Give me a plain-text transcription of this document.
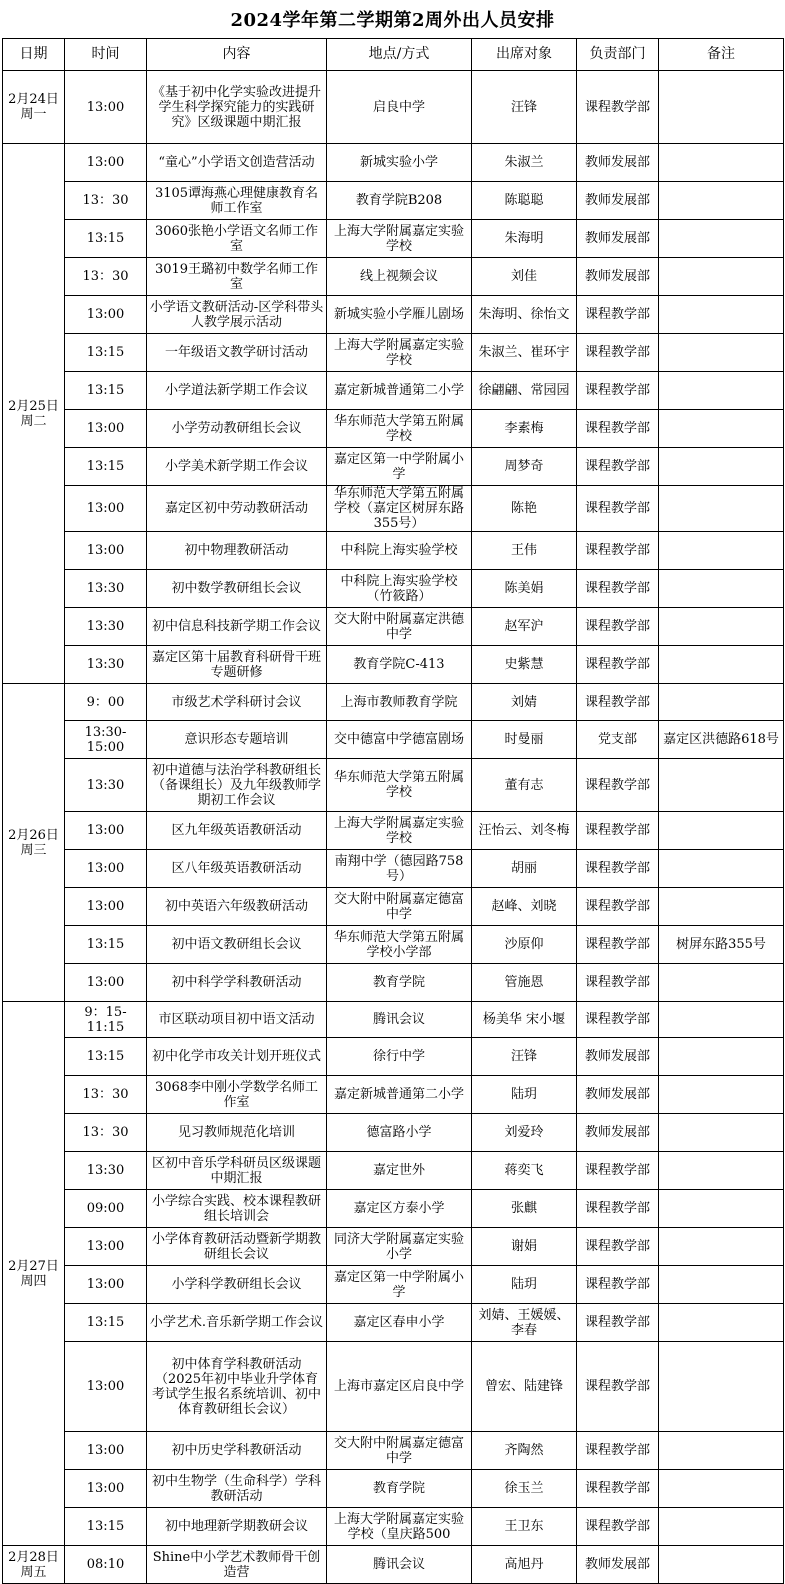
2024学年第二学期第2周外出人员安排
日期	时间	内容	地点/方式	出席对象	负责部门	备注

2月24日
周一	13:00	《基于初中化学实验改进提升学生科学探究能力的实践研究》区级课题中期汇报	启良中学	汪锋	课程教学部	

2月25日
周二	13:00	“童心”小学语文创造营活动	新城实验小学	朱淑兰	教师发展部	
	13：30	3105谭海燕心理健康教育名师工作室	教育学院B208	陈聪聪	教师发展部	
	13:15	3060张艳小学语文名师工作室	上海大学附属嘉定实验学校	朱海明	教师发展部	
	13：30	3019王璐初中数学名师工作室	线上视频会议	刘佳	教师发展部	
	13:00	小学语文教研活动-区学科带头人教学展示活动	新城实验小学雁儿剧场	朱海明、徐怡文	课程教学部	
	13:15	一年级语文教学研讨活动	上海大学附属嘉定实验学校	朱淑兰、崔环宇	课程教学部	
	13:15	小学道法新学期工作会议	嘉定新城普通第二小学	徐翩翩、常园园	课程教学部	
	13:00	小学劳动教研组长会议	华东师范大学第五附属学校	李素梅	课程教学部	
	13:15	小学美术新学期工作会议	嘉定区第一中学附属小学	周梦奇	课程教学部	
	13:00	嘉定区初中劳动教研活动	华东师范大学第五附属学校（嘉定区树屏东路355号）	陈艳	课程教学部	
	13:00	初中物理教研活动	中科院上海实验学校	王伟	课程教学部	
	13:30	初中数学教研组长会议	中科院上海实验学校（竹筱路）	陈美娟	课程教学部	
	13:30	初中信息科技新学期工作会议	交大附中附属嘉定洪德中学	赵军沪	课程教学部	
	13:30	嘉定区第十届教育科研骨干班专题研修	教育学院C-413	史紫慧	课程教学部	

2月26日
周三	9：00	市级艺术学科研讨会议	上海市教师教育学院	刘婧	课程教学部	
	13:30-15:00	意识形态专题培训	交中德富中学德富剧场	时曼丽	党支部	嘉定区洪德路618号
	13:30	初中道德与法治学科教研组长（备课组长）及九年级教师学期初工作会议	华东师范大学第五附属学校	董有志	课程教学部	
	13:00	区九年级英语教研活动	上海大学附属嘉定实验学校	汪怡云、刘冬梅	课程教学部	
	13:00	区八年级英语教研活动	南翔中学（德园路758号）	胡丽	课程教学部	
	13:00	初中英语六年级教研活动	交大附中附属嘉定德富中学	赵峰、刘晓	课程教学部	
	13:15	初中语文教研组长会议	华东师范大学第五附属学校小学部	沙原仰	课程教学部	树屏东路355号
	13:00	初中科学学科教研活动	教育学院	管施恩	课程教学部	

2月27日
周四	9：15-11:15	市区联动项目初中语文活动	腾讯会议	杨美华 宋小堰	课程教学部	
	13:15	初中化学市攻关计划开班仪式	徐行中学	汪锋	教师发展部	
	13：30	3068李中刚小学数学名师工作室	嘉定新城普通第二小学	陆玥	教师发展部	
	13：30	见习教师规范化培训	德富路小学	刘爱玲	教师发展部	
	13:30	区初中音乐学科研员区级课题中期汇报	嘉定世外	蒋奕飞	课程教学部	
	09:00	小学综合实践、校本课程教研组长培训会	嘉定区方泰小学	张麒	课程教学部	
	13:00	小学体育教研活动暨新学期教研组长会议	同济大学附属嘉定实验小学	谢娟	课程教学部	
	13:00	小学科学教研组长会议	嘉定区第一中学附属小学	陆玥	课程教学部	
	13:15	小学艺术.音乐新学期工作会议	嘉定区春申小学	刘婧、王媛媛、李春	课程教学部	
	13:00	初中体育学科教研活动（2025年初中毕业升学体育考试学生报名系统培训、初中体育教研组长会议）	上海市嘉定区启良中学	曾宏、陆建锋	课程教学部	
	13:00	初中历史学科教研活动	交大附中附属嘉定德富中学	齐陶然	课程教学部	
	13:00	初中生物学（生命科学）学科教研活动	教育学院	徐玉兰	课程教学部	
	13:15	初中地理新学期教研会议	上海大学附属嘉定实验学校（皇庆路500	王卫东	课程教学部	

2月28日
周五	08:10	Shine中小学艺术教师骨干创造营	腾讯会议	高旭丹	教师发展部	
